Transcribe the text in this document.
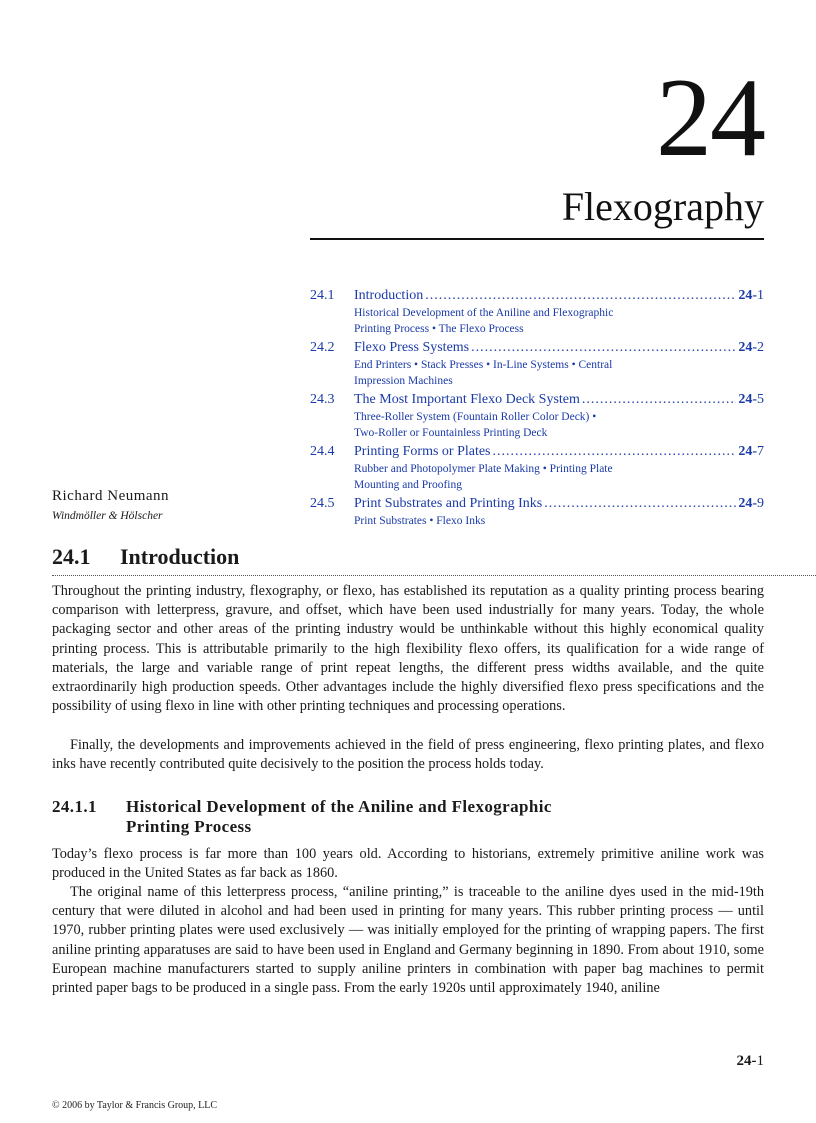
24
Flexography
24.1	Introduction .....	24-1
Historical Development of the Aniline and Flexographic
Printing Process • The Flexo Process
24.2	Flexo Press Systems .....	24-2
End Printers • Stack Presses • In-Line Systems • Central
Impression Machines
24.3	The Most Important Flexo Deck System .....	24-5
Three-Roller System (Fountain Roller Color Deck) •
Two-Roller or Fountainless Printing Deck
24.4	Printing Forms or Plates .....	24-7
Rubber and Photopolymer Plate Making • Printing Plate
Mounting and Proofing
24.5	Print Substrates and Printing Inks .....	24-9
Print Substrates • Flexo Inks
Richard Neumann
Windmöller & Hölscher
24.1 Introduction

Throughout the printing industry, flexography, or flexo, has established its reputation as a quality printing process bearing comparison with letterpress, gravure, and offset, which have been used industrially for many years. Today, the whole packaging sector and other areas of the printing industry would be unthinkable without this highly economical quality printing process. This is attributable primarily to the high flexibility flexo offers, its qualification for a wide range of materials, the large and variable range of print repeat lengths, the different press widths available, and the quite extraordinarily high production speeds. Other advantages include the highly diversified flexo press specifications and the possibility of using flexo in line with other printing techniques and processing operations.

Finally, the developments and improvements achieved in the field of press engineering, flexo printing plates, and flexo inks have recently contributed quite decisively to the position the process holds today.

24.1.1 Historical Development of the Aniline and Flexographic
Printing Process

Today’s flexo process is far more than 100 years old. According to historians, extremely primitive aniline work was produced in the United States as far back as 1860.

The original name of this letterpress process, “aniline printing,” is traceable to the aniline dyes used in the mid-19th century that were diluted in alcohol and had been used in printing for many years. This rubber printing process — until 1970, rubber printing plates were used exclusively — was initially employed for the printing of wrapping papers. The first aniline printing apparatuses are said to have been used in England and Germany beginning in 1890. From about 1910, some European machine manufacturers started to supply aniline printers in combination with paper bag machines to permit printed paper bags to be produced in a single pass. From the early 1920s until approximately 1940, aniline

24-1
© 2006 by Taylor & Francis Group, LLC
